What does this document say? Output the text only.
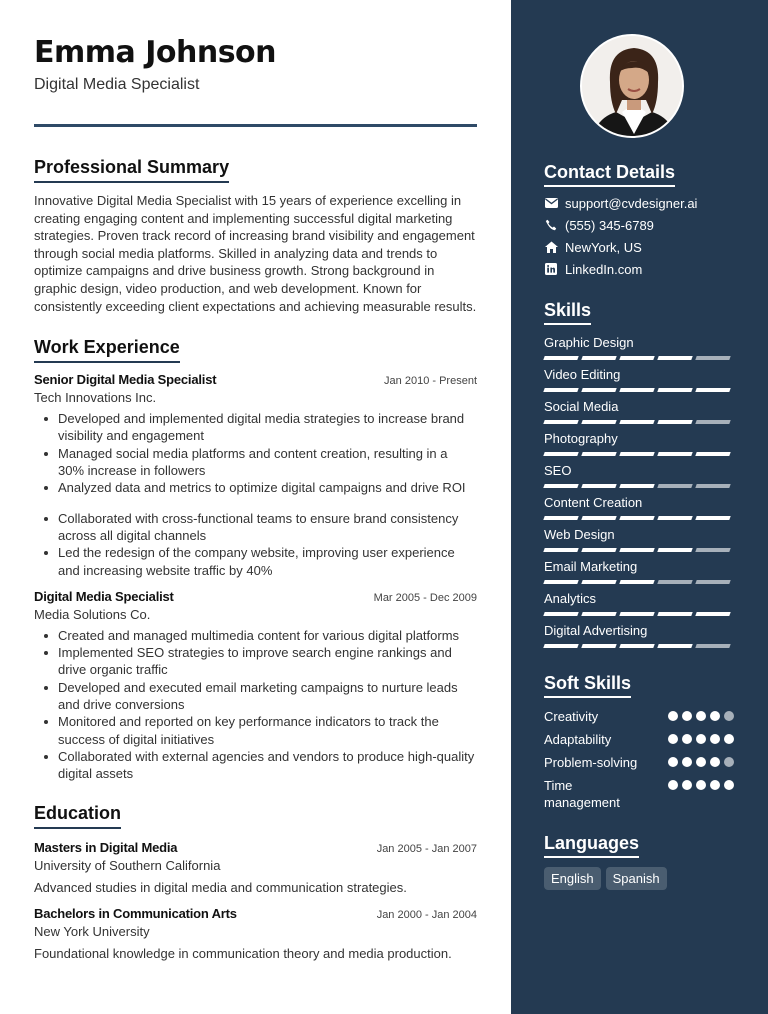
Emma Johnson
Digital Media Specialist
Professional Summary

Innovative Digital Media Specialist with 15 years of experience excelling in creating engaging content and implementing successful digital marketing strategies. Proven track record of increasing brand visibility and engagement through social media platforms. Skilled in analyzing data and trends to optimize campaigns and drive business growth. Strong background in graphic design, video production, and web development. Known for consistently exceeding client expectations and achieving measurable results.

Work Experience
Senior Digital Media Specialist	Jan 2010 - Present
Tech Innovations Inc.
Developed and implemented digital media strategies to increase brand visibility and engagement
Managed social media platforms and content creation, resulting in a 30% increase in followers
Analyzed data and metrics to optimize digital campaigns and drive ROI
Collaborated with cross-functional teams to ensure brand consistency across all digital channels
Led the redesign of the company website, improving user experience and increasing website traffic by 40%
Digital Media Specialist	Mar 2005 - Dec 2009
Media Solutions Co.
Created and managed multimedia content for various digital platforms
Implemented SEO strategies to improve search engine rankings and drive organic traffic
Developed and executed email marketing campaigns to nurture leads and drive conversions
Monitored and reported on key performance indicators to track the success of digital initiatives
Collaborated with external agencies and vendors to produce high-quality digital assets
Education
Masters in Digital Media	Jan 2005 - Jan 2007
University of Southern California
Advanced studies in digital media and communication strategies.
Bachelors in Communication Arts	Jan 2000 - Jan 2004
New York University
Foundational knowledge in communication theory and media production.
Contact Details
support@cvdesigner.ai
(555) 345-6789
NewYork, US
LinkedIn.com
Skills
Graphic Design
Video Editing
Social Media
Photography
SEO
Content Creation
Web Design
Email Marketing
Analytics
Digital Advertising
Soft Skills
Creativity
Adaptability
Problem-solving
Time management
Languages
English	Spanish
